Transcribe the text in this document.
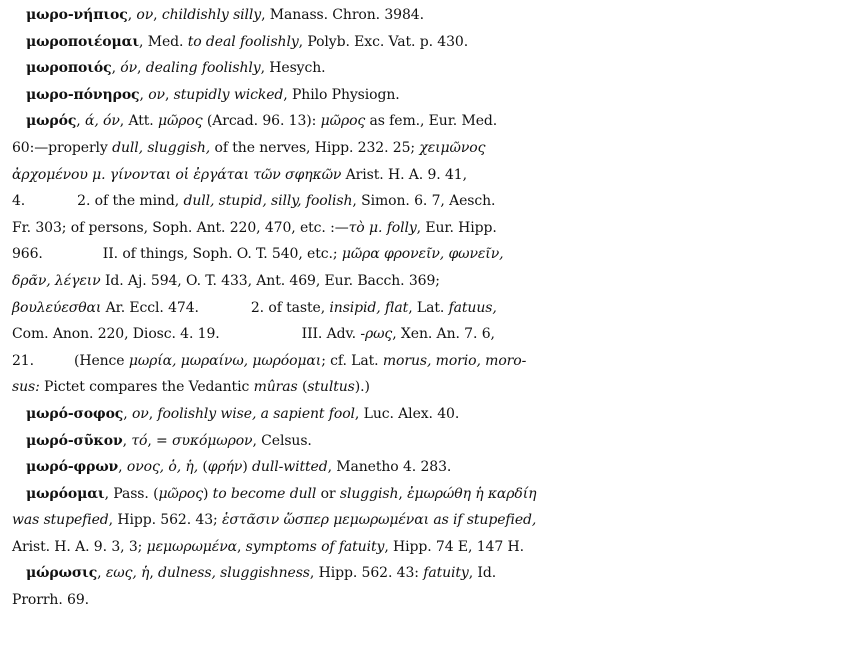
μωρο-νήπιος, ον, childishly silly, Manass. Chron. 3984.
μωροποιέομαι, Med. to deal foolishly, Polyb. Exc. Vat. p. 430.
μωροποιός, όν, dealing foolishly, Hesych.
μωρο-πόνηρος, ον, stupidly wicked, Philo Physiogn.
μωρός, ά, όν, Att. μῶρος (Arcad. 96. 13): μῶρος as fem., Eur. Med.
60:—properly dull, sluggish, of the nerves, Hipp. 232. 25; χειμῶνος
ἀρχομένου μ. γίνονται οἱ ἐργάται τῶν σφηκῶν Arist. H. A. 9. 41,
4.	2. of the mind, dull, stupid, silly, foolish, Simon. 6. 7, Aesch.
Fr. 303; of persons, Soph. Ant. 220, 470, etc. :—τὸ μ. folly, Eur. Hipp.
966.	II. of things, Soph. O. T. 540, etc.; μῶρα φρονεῖν, φωνεῖν,
δρᾶν, λέγειν Id. Aj. 594, O. T. 433, Ant. 469, Eur. Bacch. 369;
βουλεύεσθαι Ar. Eccl. 474.	2. of taste, insipid, flat, Lat. fatuus,
Com. Anon. 220, Diosc. 4. 19.	III. Adv. -ρως, Xen. An. 7. 6,
21.	(Hence μωρία, μωραίνω, μωρόομαι; cf. Lat. morus, morio, moro-
sus: Pictet compares the Vedantic mûras (stultus).)
μωρό-σοφος, ον, foolishly wise, a sapient fool, Luc. Alex. 40.
μωρό-σῦκον, τό, = συκόμωρον, Celsus.
μωρό-φρων, ονος, ὁ, ἡ, (φρήν) dull-witted, Manetho 4. 283.
μωρόομαι, Pass. (μῶρος) to become dull or sluggish, ἐμωρώθη ἡ καρδίη
was stupefied, Hipp. 562. 43; ἑστᾶσιν ὥσπερ μεμωρωμέναι as if stupefied,
Arist. H. A. 9. 3, 3; μεμωρωμένα, symptoms of fatuity, Hipp. 74 E, 147 H.
μώρωσις, εως, ἡ, dulness, sluggishness, Hipp. 562. 43: fatuity, Id.
Prorrh. 69.
